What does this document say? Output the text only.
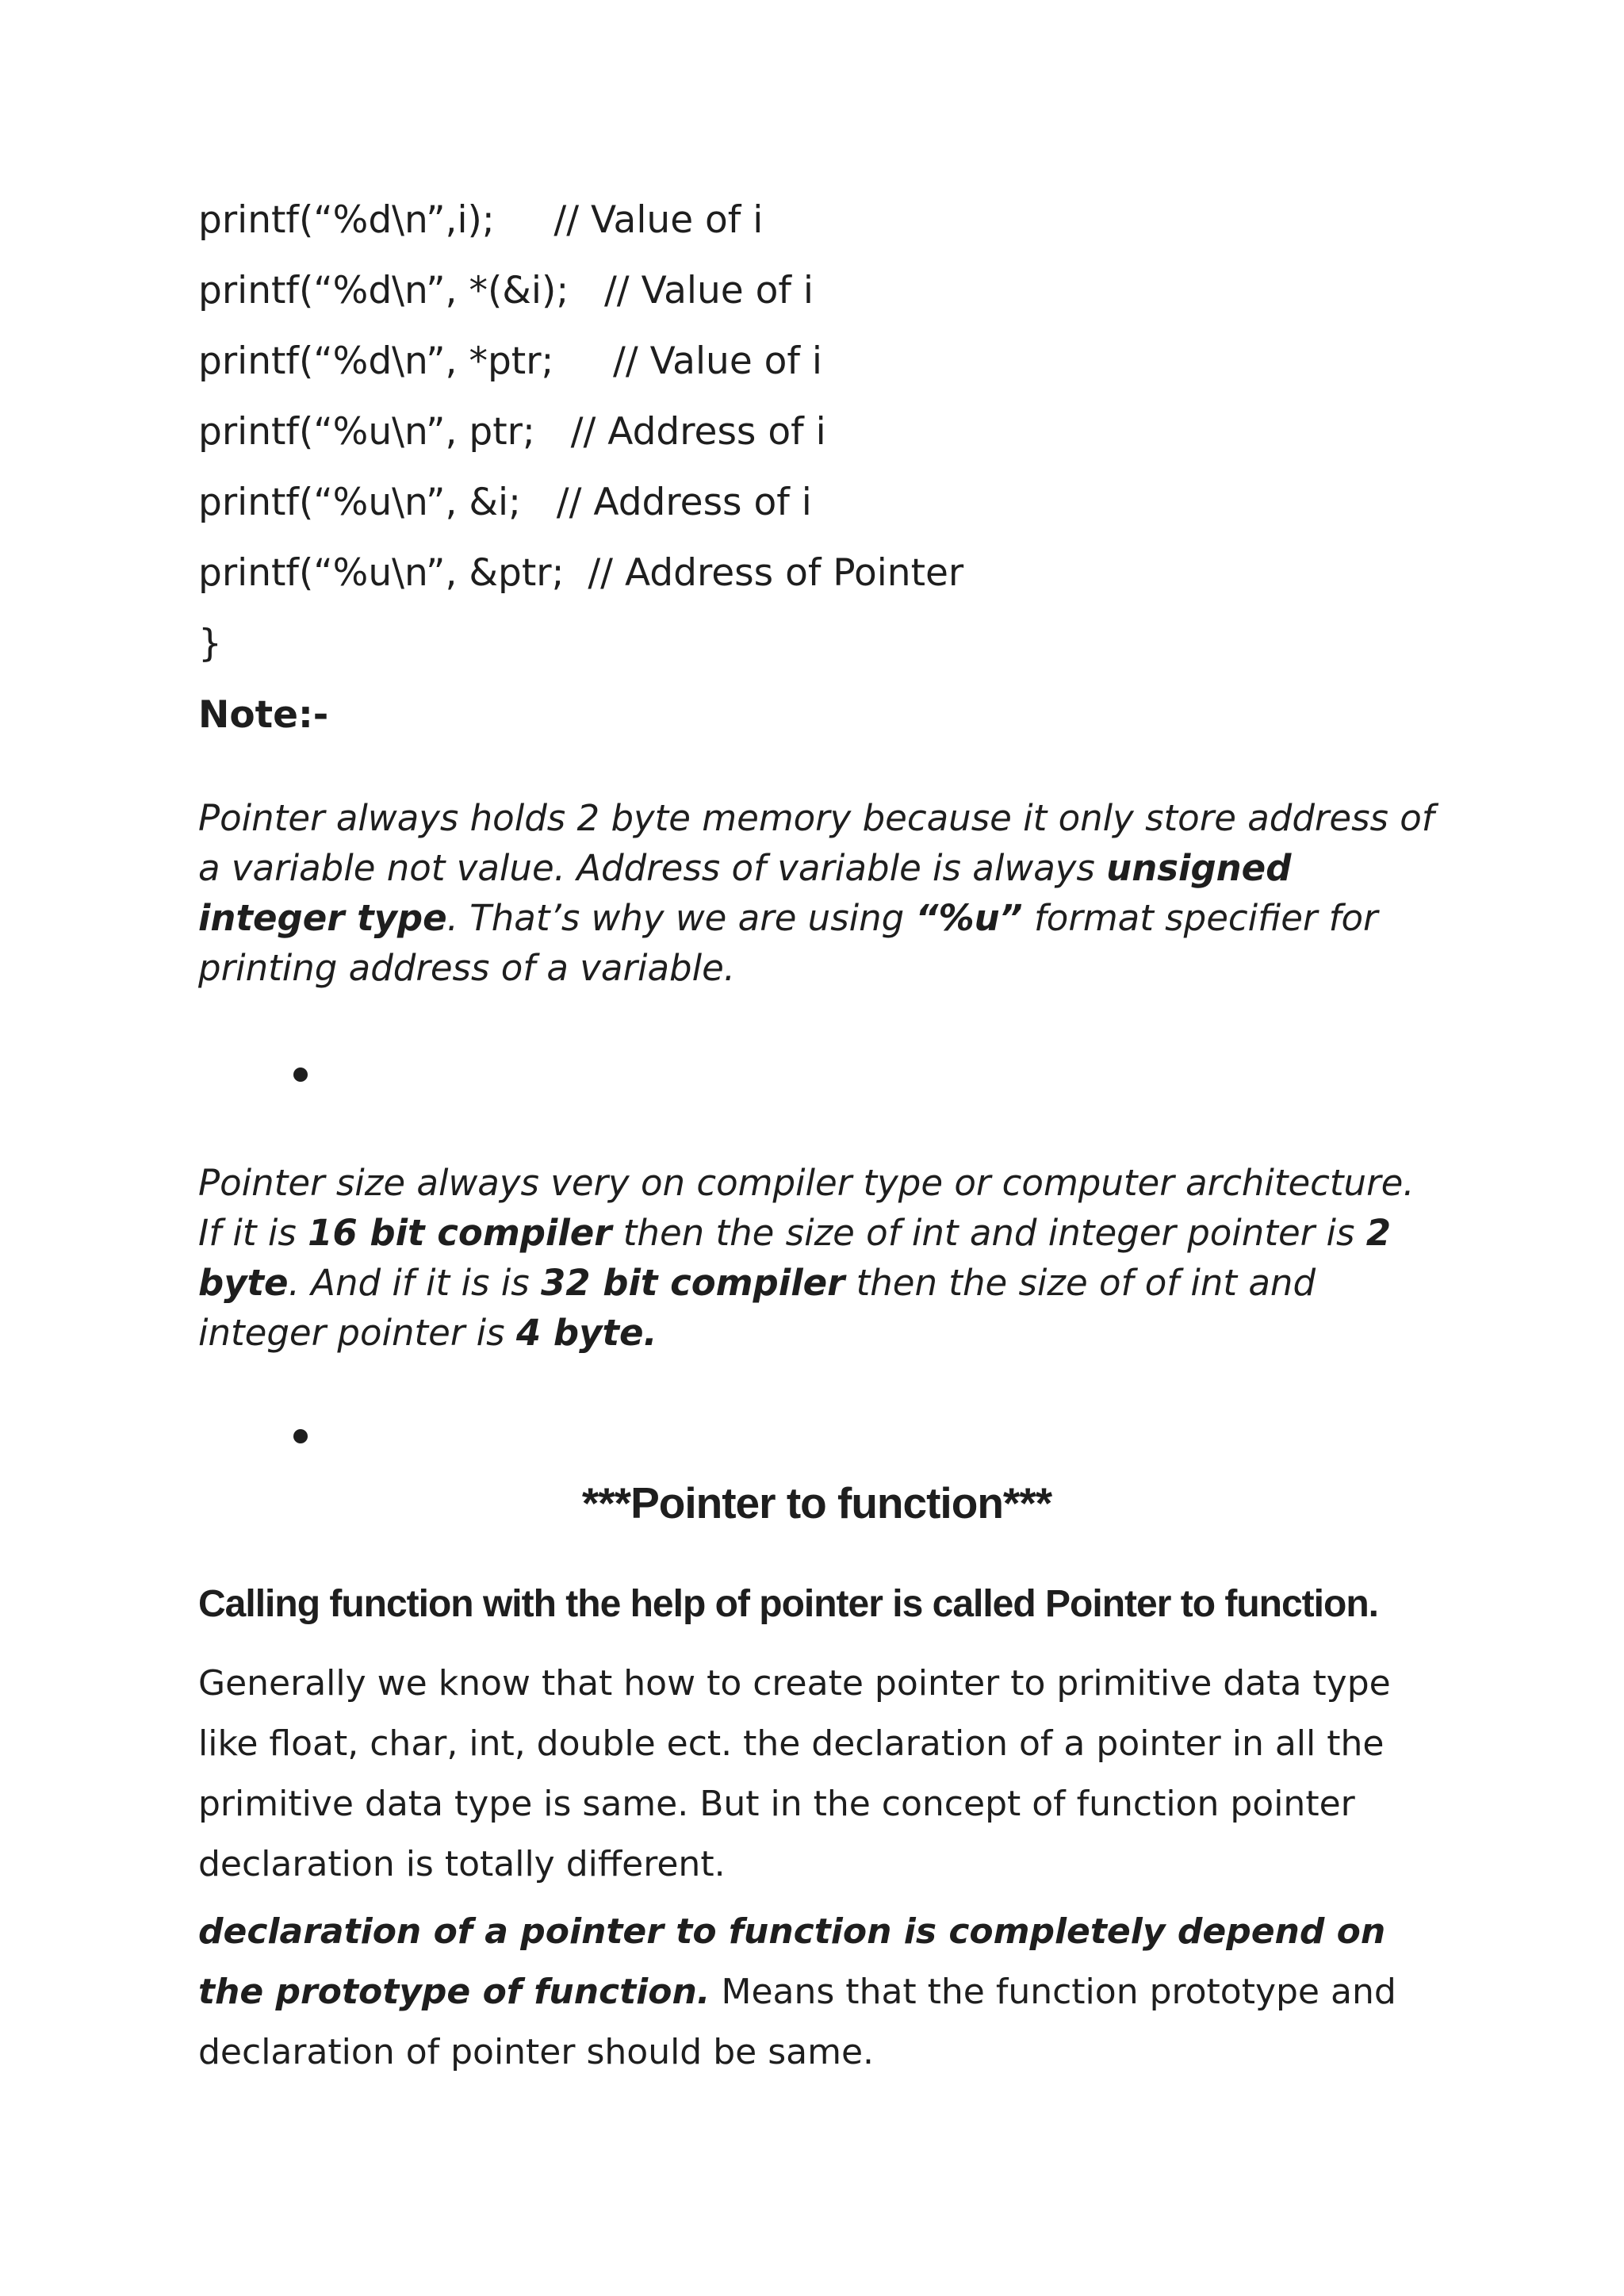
printf(“%d\n”,i);     // Value of i
printf(“%d\n”, *(&i);   // Value of i
printf(“%d\n”, *ptr;     // Value of i
printf(“%u\n”, ptr;   // Address of i
printf(“%u\n”, &i;   // Address of i
printf(“%u\n”, &ptr;  // Address of Pointer
}
Note:-
Pointer always holds 2 byte memory because it only store address of a variable not value. Address of variable is always unsigned integer type. That’s why we are using “%u” format specifier for printing address of a variable.
Pointer size always very on compiler type or computer architecture. If it is 16 bit compiler then the size of int and integer pointer is 2 byte. And if it is is 32 bit compiler then the size of of int and integer pointer is 4 byte.
***Pointer to function***
Calling function with the help of pointer is called Pointer to function.
Generally we know that how to create pointer to primitive data type like float, char, int, double ect. the declaration of a pointer in all the primitive data type is same. But in the concept of function pointer declaration is totally different.
declaration of a pointer to function is completely depend on the prototype of function. Means that the function prototype and declaration of pointer should be same.
